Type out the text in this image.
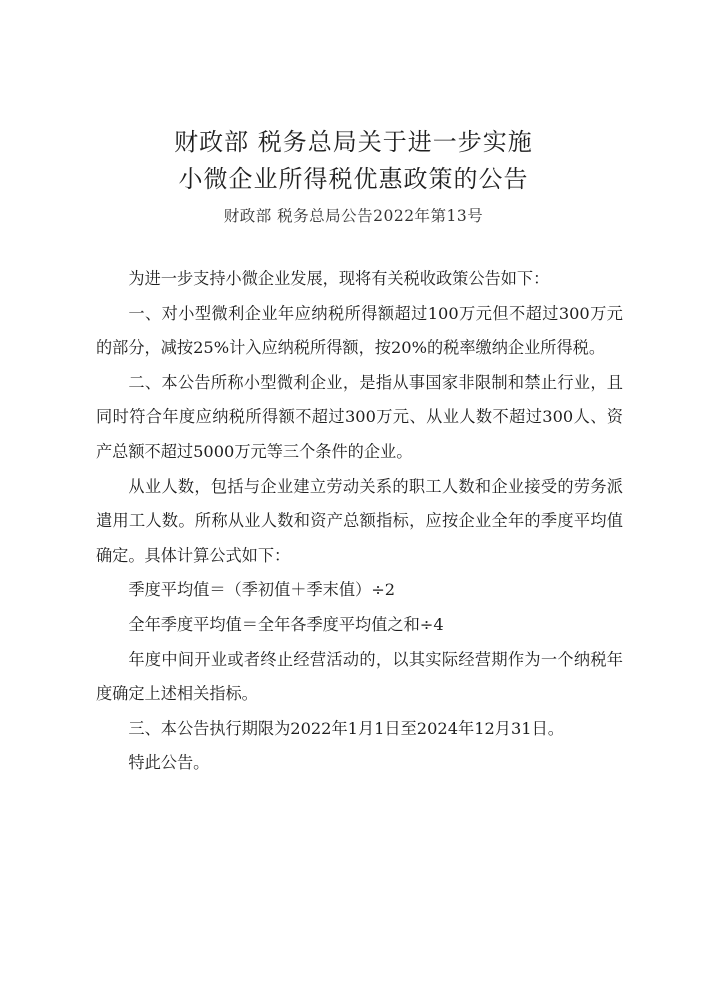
财政部 税务总局关于进一步实施
小微企业所得税优惠政策的公告
财政部 税务总局公告2022年第13号

为进一步支持小微企业发展，现将有关税收政策公告如下：

一、对小型微利企业年应纳税所得额超过100万元但不超过300万元的部分，减按25%计入应纳税所得额，按20%的税率缴纳企业所得税。

二、本公告所称小型微利企业，是指从事国家非限制和禁止行业，且同时符合年度应纳税所得额不超过300万元、从业人数不超过300人、资产总额不超过5000万元等三个条件的企业。

从业人数，包括与企业建立劳动关系的职工人数和企业接受的劳务派遣用工人数。所称从业人数和资产总额指标，应按企业全年的季度平均值确定。具体计算公式如下：

季度平均值＝（季初值＋季末值）÷2

全年季度平均值＝全年各季度平均值之和÷4

年度中间开业或者终止经营活动的，以其实际经营期作为一个纳税年度确定上述相关指标。

三、本公告执行期限为2022年1月1日至2024年12月31日。

特此公告。
